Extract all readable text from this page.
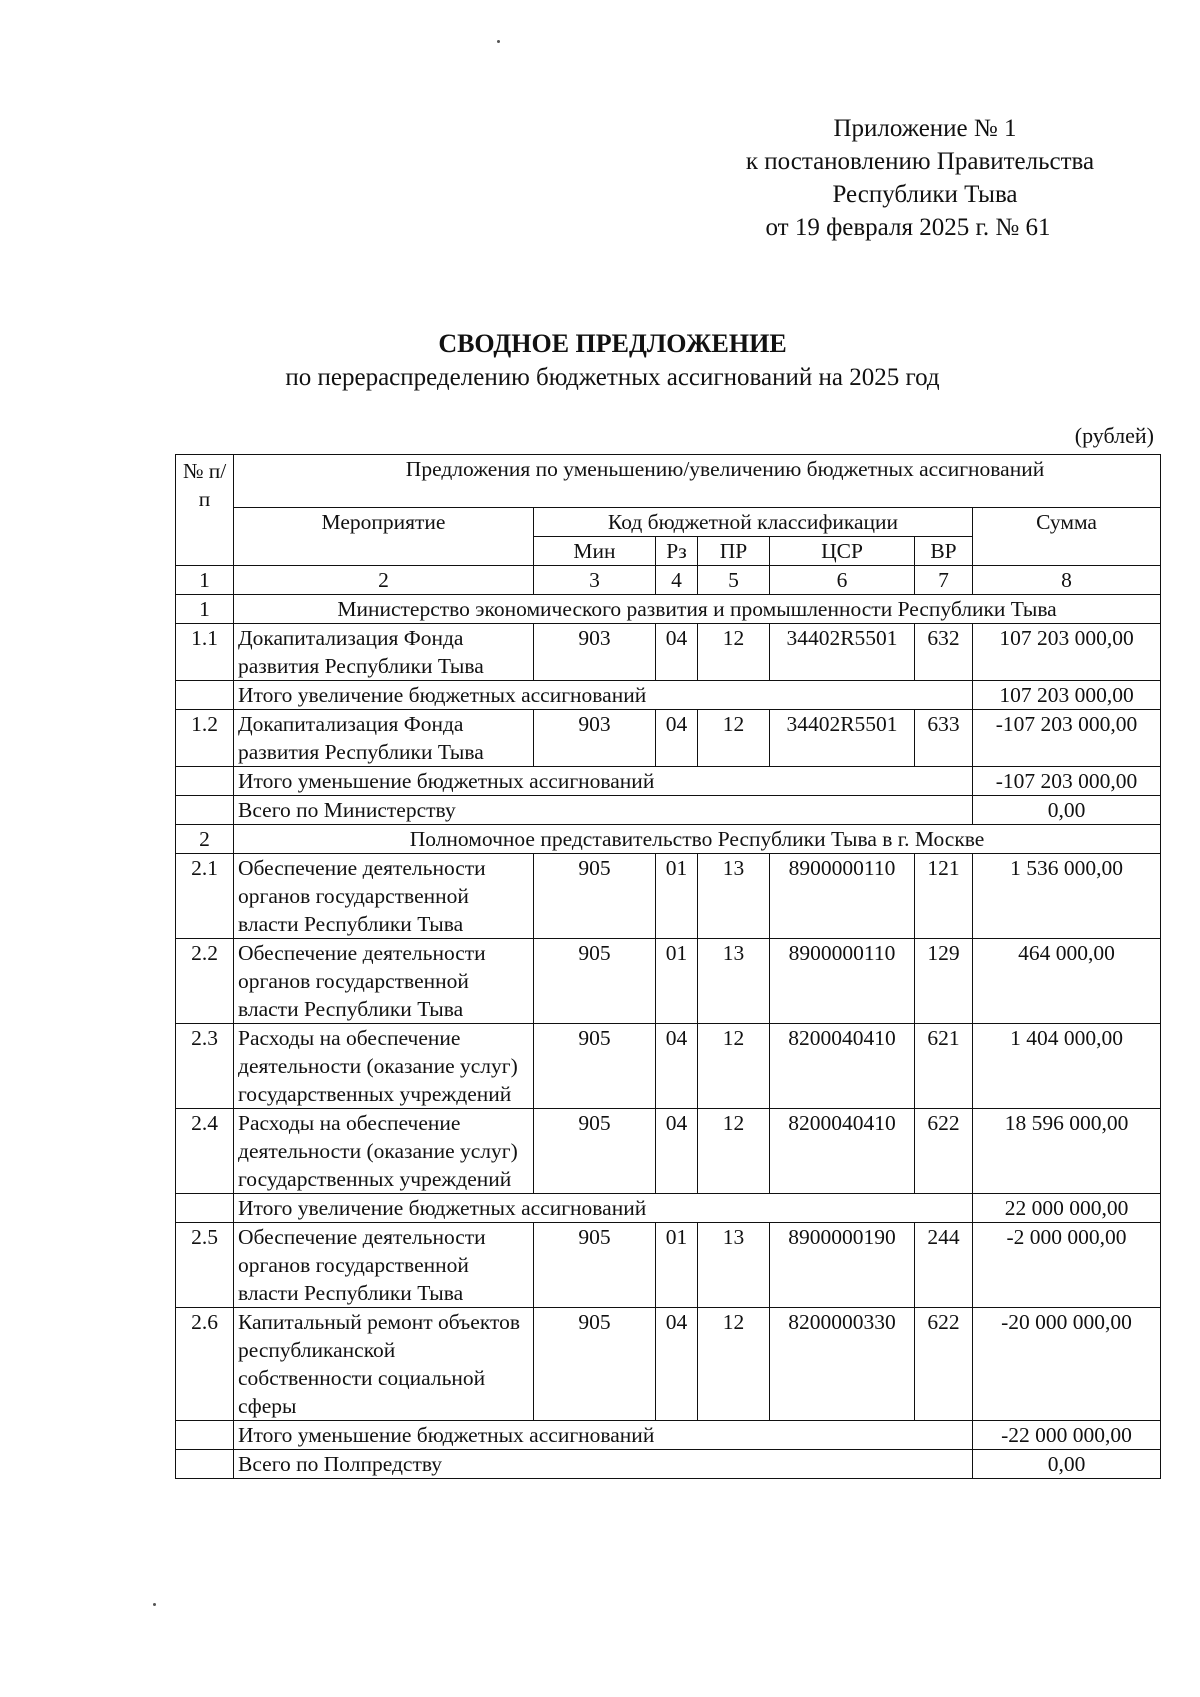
Приложение № 1
к постановлению Правительства
Республики Тыва
от 19 февраля 2025 г. № 61
СВОДНОЕ ПРЕДЛОЖЕНИЕ
по перераспределению бюджетных ассигнований на 2025 год
(рублей)
№ п/п	Предложения по уменьшению/увеличению бюджетных ассигнований						
	Мероприятие	Код бюджетной классификации					Сумма
		Мин	Рз	ПР	ЦСР	ВР	
1	2	3	4	5	6	7	8
1	Министерство экономического развития и промышленности Республики Тыва						
1.1	Докапитализация Фонда развития Республики Тыва	903	04	12	34402R5501	632	107 203 000,00
	Итого увеличение бюджетных ассигнований						107 203 000,00
1.2	Докапитализация Фонда развития Республики Тыва	903	04	12	34402R5501	633	-107 203 000,00
	Итого уменьшение бюджетных ассигнований						-107 203 000,00
	Всего по Министерству						0,00
2	Полномочное представительство Республики Тыва в г. Москве						
2.1	Обеспечение деятельности органов государственной власти Республики Тыва	905	01	13	8900000110	121	1 536 000,00
2.2	Обеспечение деятельности органов государственной власти Республики Тыва	905	01	13	8900000110	129	464 000,00
2.3	Расходы на обеспечение деятельности (оказание услуг) государственных учреждений	905	04	12	8200040410	621	1 404 000,00
2.4	Расходы на обеспечение деятельности (оказание услуг) государственных учреждений	905	04	12	8200040410	622	18 596 000,00
	Итого увеличение бюджетных ассигнований						22 000 000,00
2.5	Обеспечение деятельности органов государственной власти Республики Тыва	905	01	13	8900000190	244	-2 000 000,00
2.6	Капитальный ремонт объектов республиканской собственности социальной сферы	905	04	12	8200000330	622	-20 000 000,00
	Итого уменьшение бюджетных ассигнований						-22 000 000,00
	Всего по Полпредству						0,00
